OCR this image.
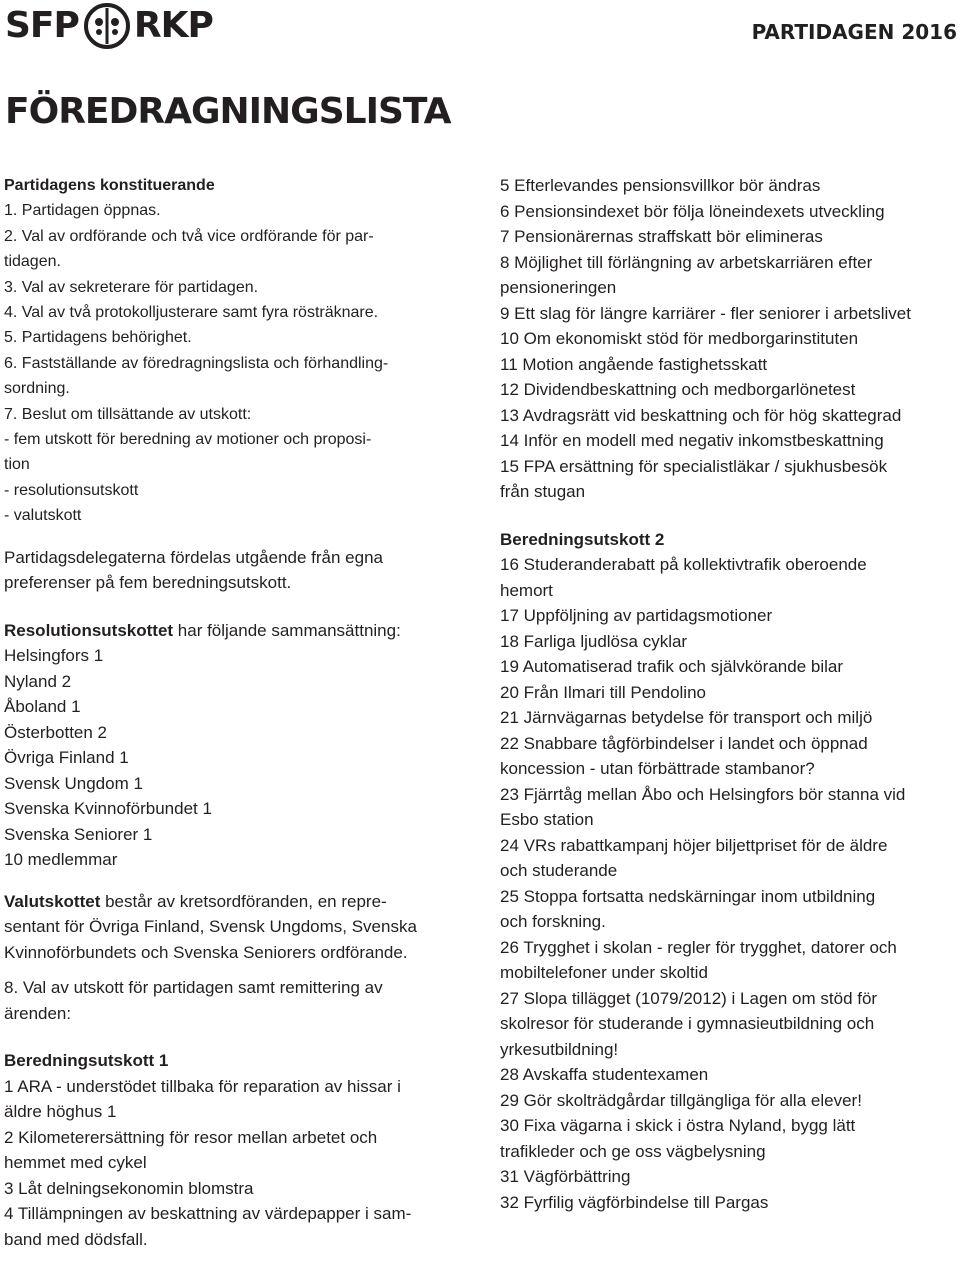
SFP RKP	PARTIDAGEN 2016
FÖREDRAGNINGSLISTA
Partidagens konstituerande
1. Partidagen öppnas.
2. Val av ordförande och två vice ordförande för par-
tidagen.
3. Val av sekreterare för partidagen.
4. Val av två protokolljusterare samt fyra rösträknare.
5. Partidagens behörighet.
6. Fastställande av föredragningslista och förhandling-
sordning.
7. Beslut om tillsättande av utskott:
- fem utskott för beredning av motioner och proposi-
tion
- resolutionsutskott
- valutskott
Partidagsdelegaterna fördelas utgående från egna
preferenser på fem beredningsutskott.
Resolutionsutskottet har följande sammansättning:
Helsingfors 1
Nyland 2
Åboland 1
Österbotten 2
Övriga Finland 1
Svensk Ungdom 1
Svenska Kvinnoförbundet 1
Svenska Seniorer 1
10 medlemmar
Valutskottet består av kretsordföranden, en repre-
sentant för Övriga Finland, Svensk Ungdoms, Svenska
Kvinnoförbundets och Svenska Seniorers ordförande.
8. Val av utskott för partidagen samt remittering av
ärenden:
Beredningsutskott 1
1 ARA - understödet tillbaka för reparation av hissar i
äldre höghus 1
2 Kilometerersättning för resor mellan arbetet och
hemmet med cykel
3 Låt delningsekonomin blomstra
4 Tillämpningen av beskattning av värdepapper i sam-
band med dödsfall.
5 Efterlevandes pensionsvillkor bör ändras
6 Pensionsindexet bör följa löneindexets utveckling
7 Pensionärernas straffskatt bör elimineras
8 Möjlighet till förlängning av arbetskarriären efter
pensioneringen
9 Ett slag för längre karriärer - fler seniorer i arbetslivet
10 Om ekonomiskt stöd för medborgarinstituten
11 Motion angående fastighetsskatt
12 Dividendbeskattning och medborgarlönetest
13 Avdragsrätt vid beskattning och för hög skattegrad
14 Inför en modell med negativ inkomstbeskattning
15 FPA ersättning för specialistläkar / sjukhusbesök
från stugan
Beredningsutskott 2
16 Studeranderabatt på kollektivtrafik oberoende
hemort
17 Uppföljning av partidagsmotioner
18 Farliga ljudlösa cyklar
19 Automatiserad trafik och självkörande bilar
20 Från Ilmari till Pendolino
21 Järnvägarnas betydelse för transport och miljö
22 Snabbare tågförbindelser i landet och öppnad
koncession - utan förbättrade stambanor?
23 Fjärrtåg mellan Åbo och Helsingfors bör stanna vid
Esbo station
24 VRs rabattkampanj höjer biljettpriset för de äldre
och studerande
25 Stoppa fortsatta nedskärningar inom utbildning
och forskning.
26 Trygghet i skolan - regler för trygghet, datorer och
mobiltelefoner under skoltid
27 Slopa tillägget (1079/2012) i Lagen om stöd för
skolresor för studerande i gymnasieutbildning och
yrkesutbildning!
28 Avskaffa studentexamen
29 Gör skolträdgårdar tillgängliga för alla elever!
30 Fixa vägarna i skick i östra Nyland, bygg lätt
trafikleder och ge oss vägbelysning
31 Vägförbättring
32 Fyrfilig vägförbindelse till Pargas
